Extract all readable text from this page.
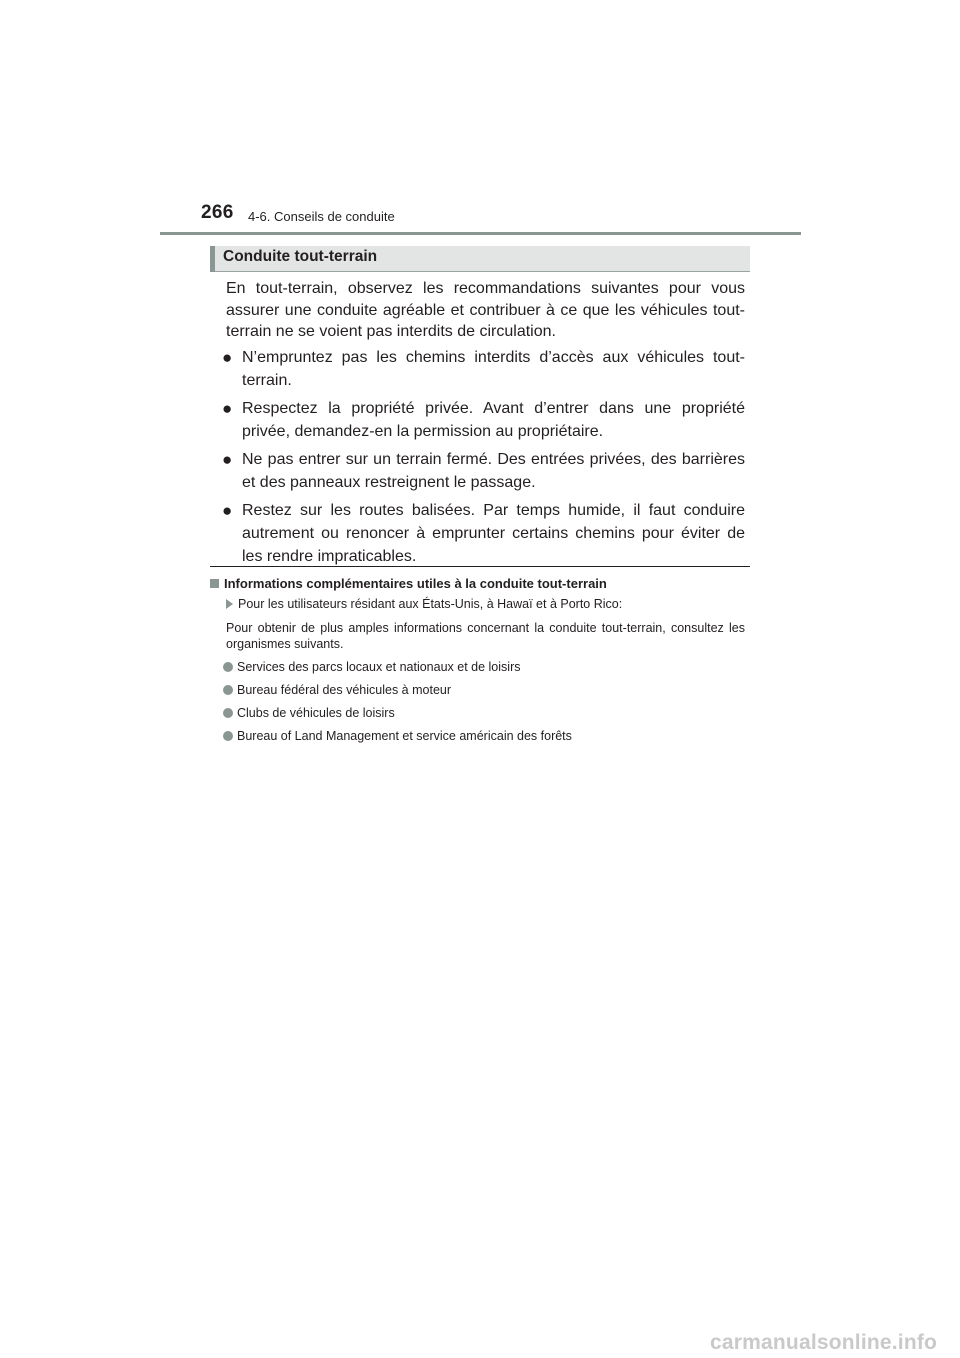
266 4-6. Conseils de conduite
Conduite tout-terrain
En tout-terrain, observez les recommandations suivantes pour vous assurer une conduite agréable et contribuer à ce que les véhicules tout-terrain ne se voient pas interdits de circulation.
● N’empruntez pas les chemins interdits d’accès aux véhicules tout-terrain.
● Respectez la propriété privée. Avant d’entrer dans une propriété privée, demandez-en la permission au propriétaire.
● Ne pas entrer sur un terrain fermé. Des entrées privées, des barrières et des panneaux restreignent le passage.
● Restez sur les routes balisées. Par temps humide, il faut conduire autrement ou renoncer à emprunter certains chemins pour éviter de les rendre impraticables.
Informations complémentaires utiles à la conduite tout-terrain
Pour les utilisateurs résidant aux États-Unis, à Hawaï et à Porto Rico:
Pour obtenir de plus amples informations concernant la conduite tout-terrain, consultez les organismes suivants.
Services des parcs locaux et nationaux et de loisirs
Bureau fédéral des véhicules à moteur
Clubs de véhicules de loisirs
Bureau of Land Management et service américain des forêts
carmanualsonline.info
